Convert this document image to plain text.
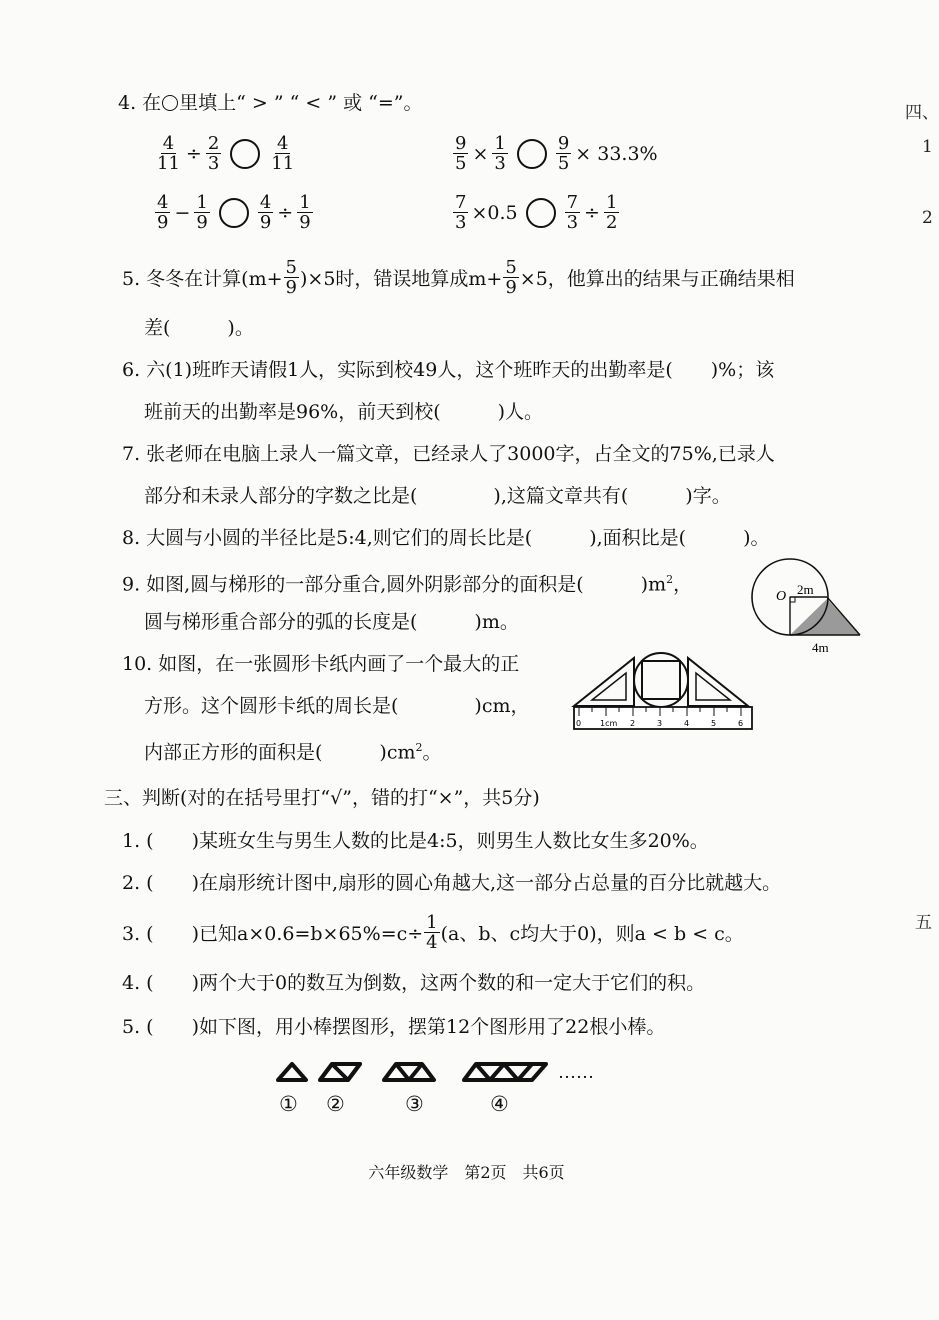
4. 在 里填上“ > ” “ < ” 或 “=”。
$\frac{4}{11} \div \frac{2}{3}$	$\frac{4}{11}$	$\frac{9}{5} \times \frac{1}{3}$	$\frac{9}{5} \times 33.3\%$
$\frac{4}{9} - \frac{1}{9}$	$\frac{4}{9} \div \frac{1}{9}$	$\frac{7}{3} \times 0.5$	$\frac{7}{3} \div \frac{1}{2}$
5. 冬冬在计算$(m+ \frac{5}{9} )\times 5$时，错误地算成$m+ \frac{5}{9} \times 5$，他算出的结果与正确结果相
差(　　　)。
6. 六(1)班昨天请假1人，实际到校49人，这个班昨天的出勤率是(　　)%；该
班前天的出勤率是96%，前天到校(　　　)人。
7. 张老师在电脑上录人一篇文章，已经录人了3000字，占全文的75%,已录人
部分和未录人部分的字数之比是(　　　　),这篇文章共有(　　　)字。
8. 大圆与小圆的半径比是5:4,则它们的周长比是(　　　),面积比是(　　　)。
9. 如图,圆与梯形的一部分重合,圆外阴影部分的面积是(　　　)$m^2$，
圆与梯形重合部分的弧的长度是(　　　)m。
O 2m
4m
10. 如图，在一张圆形卡纸内画了一个最大的正
方形。这个圆形卡纸的周长是(　　　　)cm，
内部正方形的面积是(　　　)$cm^2$。
0 1cm 2	3	4	5	6
三、判断(对的在括号里打“√”，错的打“×”，共5分)
1. (　　)某班女生与男生人数的比是4:5，则男生人数比女生多20%。
2. (　　)在扇形统计图中,扇形的圆心角越大,这一部分占总量的百分比就越大。
3. (　　)已知$a\times 0.6=b\times 65\%=c\div \frac{1}{4} (a$、b、c均大于0)，则a < b < c。
4. (　　)两个大于0的数互为倒数，这两个数的和一定大于它们的积。
5. (　　)如下图，用小棒摆图形，摆第12个图形用了22根小棒。
……
① ②	③	④
六年级数学　第2页　共6页
四、
1
2
五
